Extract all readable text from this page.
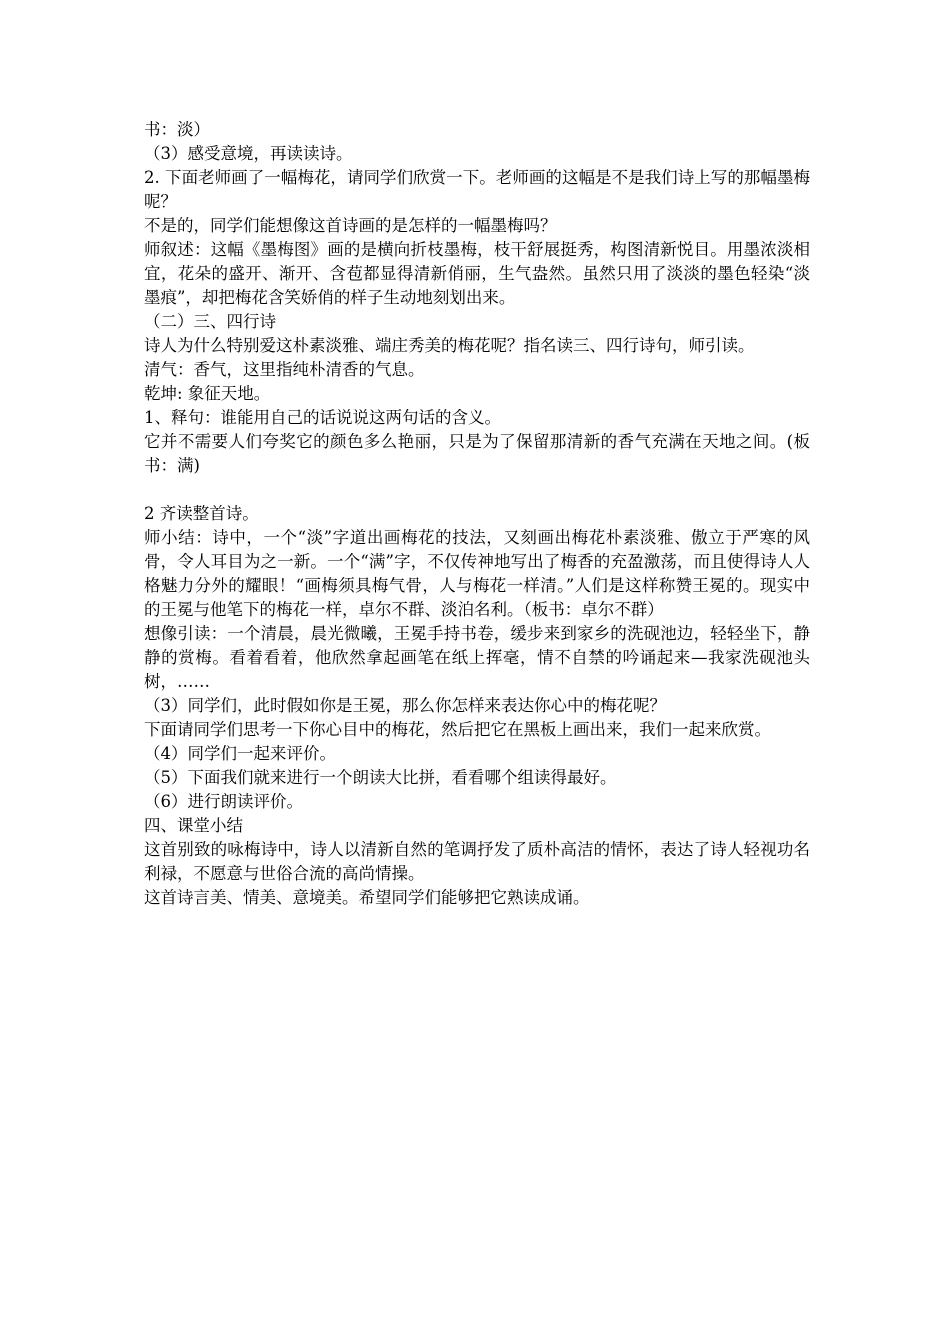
书：淡）

（3）感受意境，再读读诗。

2. 下面老师画了一幅梅花，请同学们欣赏一下。老师画的这幅是不是我们诗上写的那幅墨梅呢？

不是的，同学们能想像这首诗画的是怎样的一幅墨梅吗？

师叙述：这幅《墨梅图》画的是横向折枝墨梅，枝干舒展挺秀，构图清新悦目。用墨浓淡相宜，花朵的盛开、渐开、含苞都显得清新俏丽，生气盎然。虽然只用了淡淡的墨色轻染“淡墨痕”，却把梅花含笑娇俏的样子生动地刻划出来。

（二）三、四行诗

诗人为什么特别爱这朴素淡雅、端庄秀美的梅花呢？指名读三、四行诗句，师引读。

清气：香气，这里指纯朴清香的气息。

乾坤: 象征天地。

1、释句：谁能用自己的话说说这两句话的含义。

它并不需要人们夸奖它的颜色多么艳丽，只是为了保留那清新的香气充满在天地之间。(板书：满)

2 齐读整首诗。

师小结：诗中，一个“淡”字道出画梅花的技法，又刻画出梅花朴素淡雅、傲立于严寒的风骨，令人耳目为之一新。一个“满”字，不仅传神地写出了梅香的充盈激荡，而且使得诗人人格魅力分外的耀眼！“画梅须具梅气骨，人与梅花一样清。”人们是这样称赞王冕的。现实中的王冕与他笔下的梅花一样，卓尔不群、淡泊名利。（板书：卓尔不群）

想像引读：一个清晨，晨光微曦，王冕手持书卷，缓步来到家乡的洗砚池边，轻轻坐下，静静的赏梅。看着看着，他欣然拿起画笔在纸上挥毫，情不自禁的吟诵起来—我家洗砚池头树，……

（3）同学们，此时假如你是王冕，那么你怎样来表达你心中的梅花呢？

下面请同学们思考一下你心目中的梅花，然后把它在黑板上画出来，我们一起来欣赏。

（4）同学们一起来评价。

（5）下面我们就来进行一个朗读大比拼，看看哪个组读得最好。

（6）进行朗读评价。

四、课堂小结

这首别致的咏梅诗中，诗人以清新自然的笔调抒发了质朴高洁的情怀，表达了诗人轻视功名利禄，不愿意与世俗合流的高尚情操。

这首诗言美、情美、意境美。希望同学们能够把它熟读成诵。
